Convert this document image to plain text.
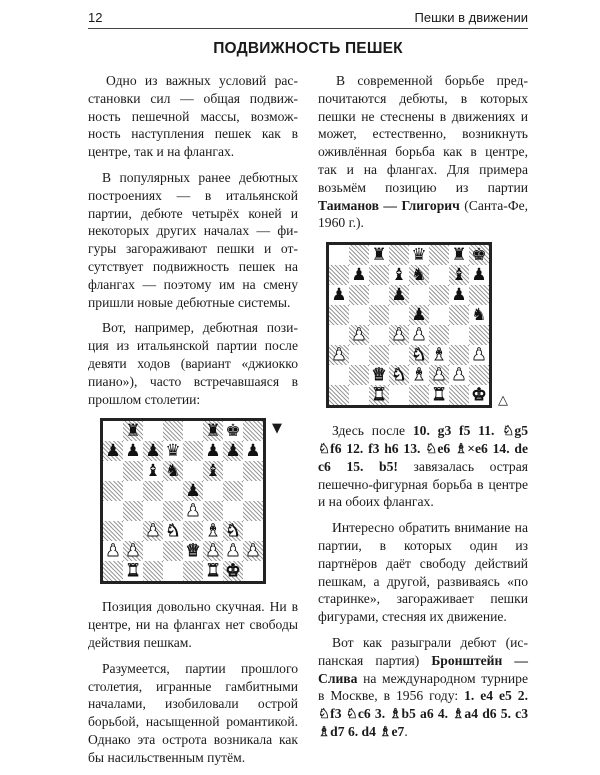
12	Пешки в движении
ПОДВИЖНОСТЬ ПЕШЕК

Одно из важных условий расстановки сил — общая подвижность пешечной массы, возможность наступления пешек как в центре, так и на флангах.

В популярных ранее дебютных построениях — в итальянской партии, дебюте четырёх коней и некоторых других началах — фигуры загораживают пешки и отсутствует подвижность пешек на флангах — поэтому им на смену пришли новые дебютные системы.

Вот, например, дебютная позиция из итальянской партии после девяти ходов (вариант «джиокко пиано»), часто встречавшаяся в прошлом столетии:

♜	♜ ♚
♟ ♟ ♟ ♛ ♟ ♟ ♟
♝ ♞ ♝
♟
♟
♟ ♞ ♝ ♞
♟ ♟	♛ ♟ ♟ ♟
♜	♜ ♚
▼

Позиция довольно скучная. Ни в центре, ни на флангах нет свободы действия пешкам.

Разумеется, партии прошлого столетия, игранные гамбитными началами, изобиловали острой борьбой, насыщенной романтикой. Однако эта острота возникала как бы насильственным путём.

В современной борьбе предпочитаются дебюты, в которых пешки не стеснены в движениях и может, естественно, возникнуть оживлённая борьба как в центре, так и на флангах. Для примера возьмём позицию из партии Таиманов — Глигорич (Санта-Фе, 1960 г.).

♜ ♛ ♜ ♚
♟ ♝ ♞ ♝ ♟
♟	♟	♟
♟	♞
♟ ♟ ♟
♟	♞ ♝ ♟
♛ ♞ ♝ ♟ ♟
♜	♜ ♚ △

Здесь после 10. g3 f5 11. ♘g5 ♘f6 12. f3 h6 13. ♘e6 ♗×e6 14. de c6 15. b5! завязалась острая пешечно-фигурная борьба в центре и на обоих флангах.

Интересно обратить внимание на партии, в которых один из партнёров даёт свободу действий пешкам, а другой, развиваясь «по старинке», загораживает пешки фигурами, стесняя их движение.

Вот как разыграли дебют (испанская партия) Бронштейн — Слива на международном турнире в Москве, в 1956 году: 1. e4 e5 2. ♘f3 ♘c6 3. ♗b5 a6 4. ♗a4 d6 5. c3 ♗d7 6. d4 ♗e7.
